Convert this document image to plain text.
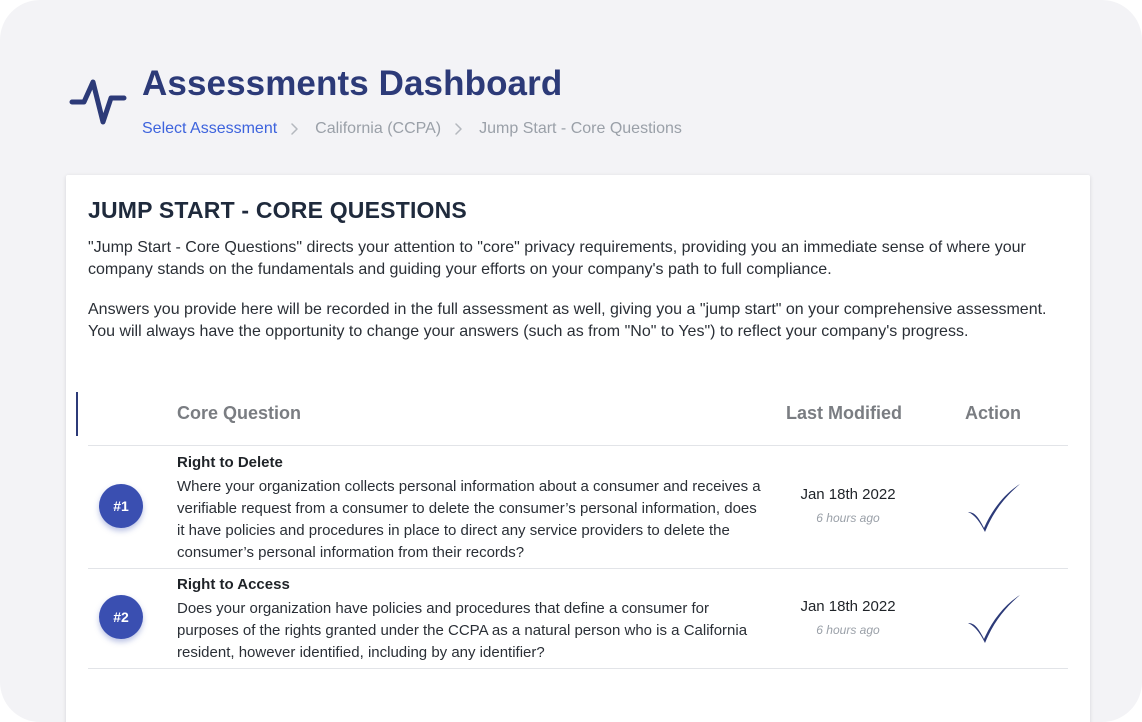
Assessments Dashboard
Select Assessment California (CCPA) Jump Start - Core Questions
JUMP START - CORE QUESTIONS

"Jump Start - Core Questions" directs your attention to "core" privacy requirements, providing you an immediate sense of where your company stands on the fundamentals and guiding your efforts on your company's path to full compliance.

Answers you provide here will be recorded in the full assessment as well, giving you a "jump start" on your comprehensive assessment. You will always have the opportunity to change your answers (such as from "No" to Yes") to reflect your company's progress.

Core Question	Last Modified	Action
#1
Right to Delete

Where your organization collects personal information about a consumer and receives a verifiable request from a consumer to delete the consumer’s personal information, does it have policies and procedures in place to direct any service providers to delete the consumer’s personal information from their records?

Jan 18th 2022
6 hours ago
#2
Right to Access

Does your organization have policies and procedures that define a consumer for purposes of the rights granted under the CCPA as a natural person who is a California resident, however identified, including by any identifier?

Jan 18th 2022
6 hours ago
